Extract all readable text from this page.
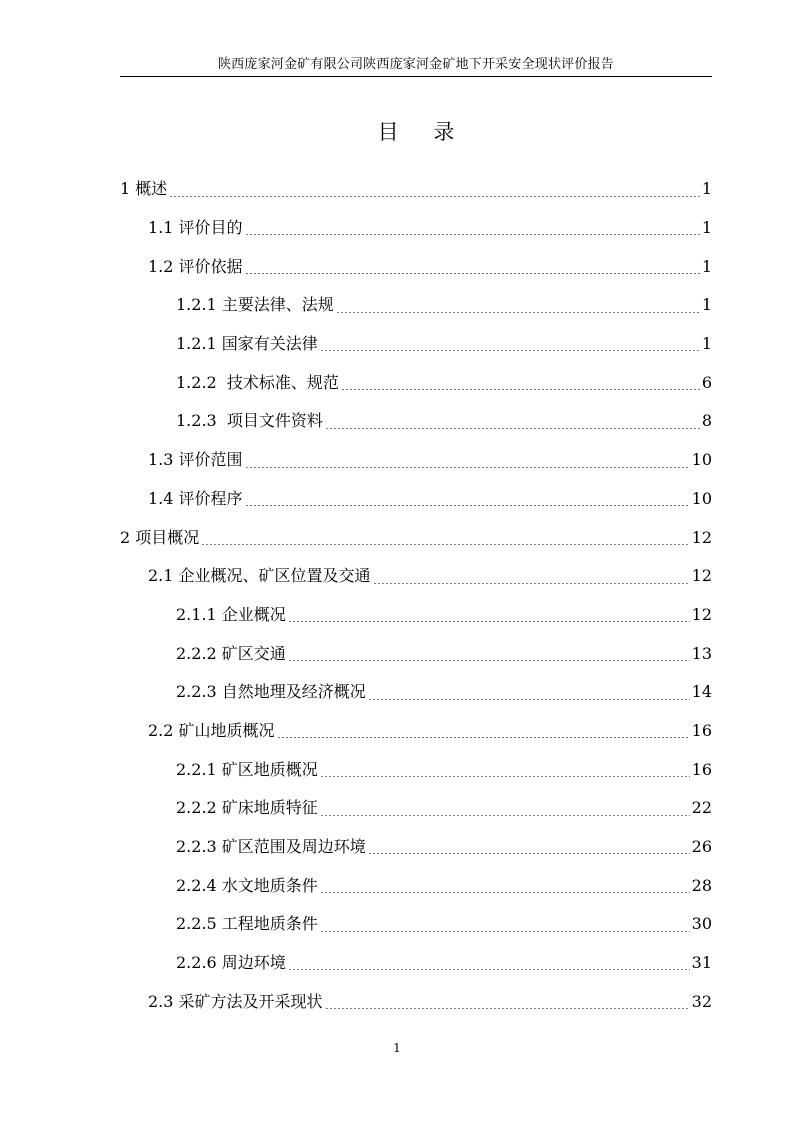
陕西庞家河金矿有限公司陕西庞家河金矿地下开采安全现状评价报告
目 录
1 概述	1
1.1 评价目的	1
1.2 评价依据	1
1.2.1 主要法律、法规	1
1.2.1 国家有关法律	1
1.2.2  技术标准、规范	6
1.2.3  项目文件资料	8
1.3 评价范围	10
1.4 评价程序	10
2 项目概况	12
2.1 企业概况、矿区位置及交通	12
2.1.1 企业概况	12
2.2.2 矿区交通	13
2.2.3 自然地理及经济概况	14
2.2 矿山地质概况	16
2.2.1 矿区地质概况	16
2.2.2 矿床地质特征	22
2.2.3 矿区范围及周边环境	26
2.2.4 水文地质条件	28
2.2.5 工程地质条件	30
2.2.6 周边环境	31
2.3 采矿方法及开采现状	32
1
